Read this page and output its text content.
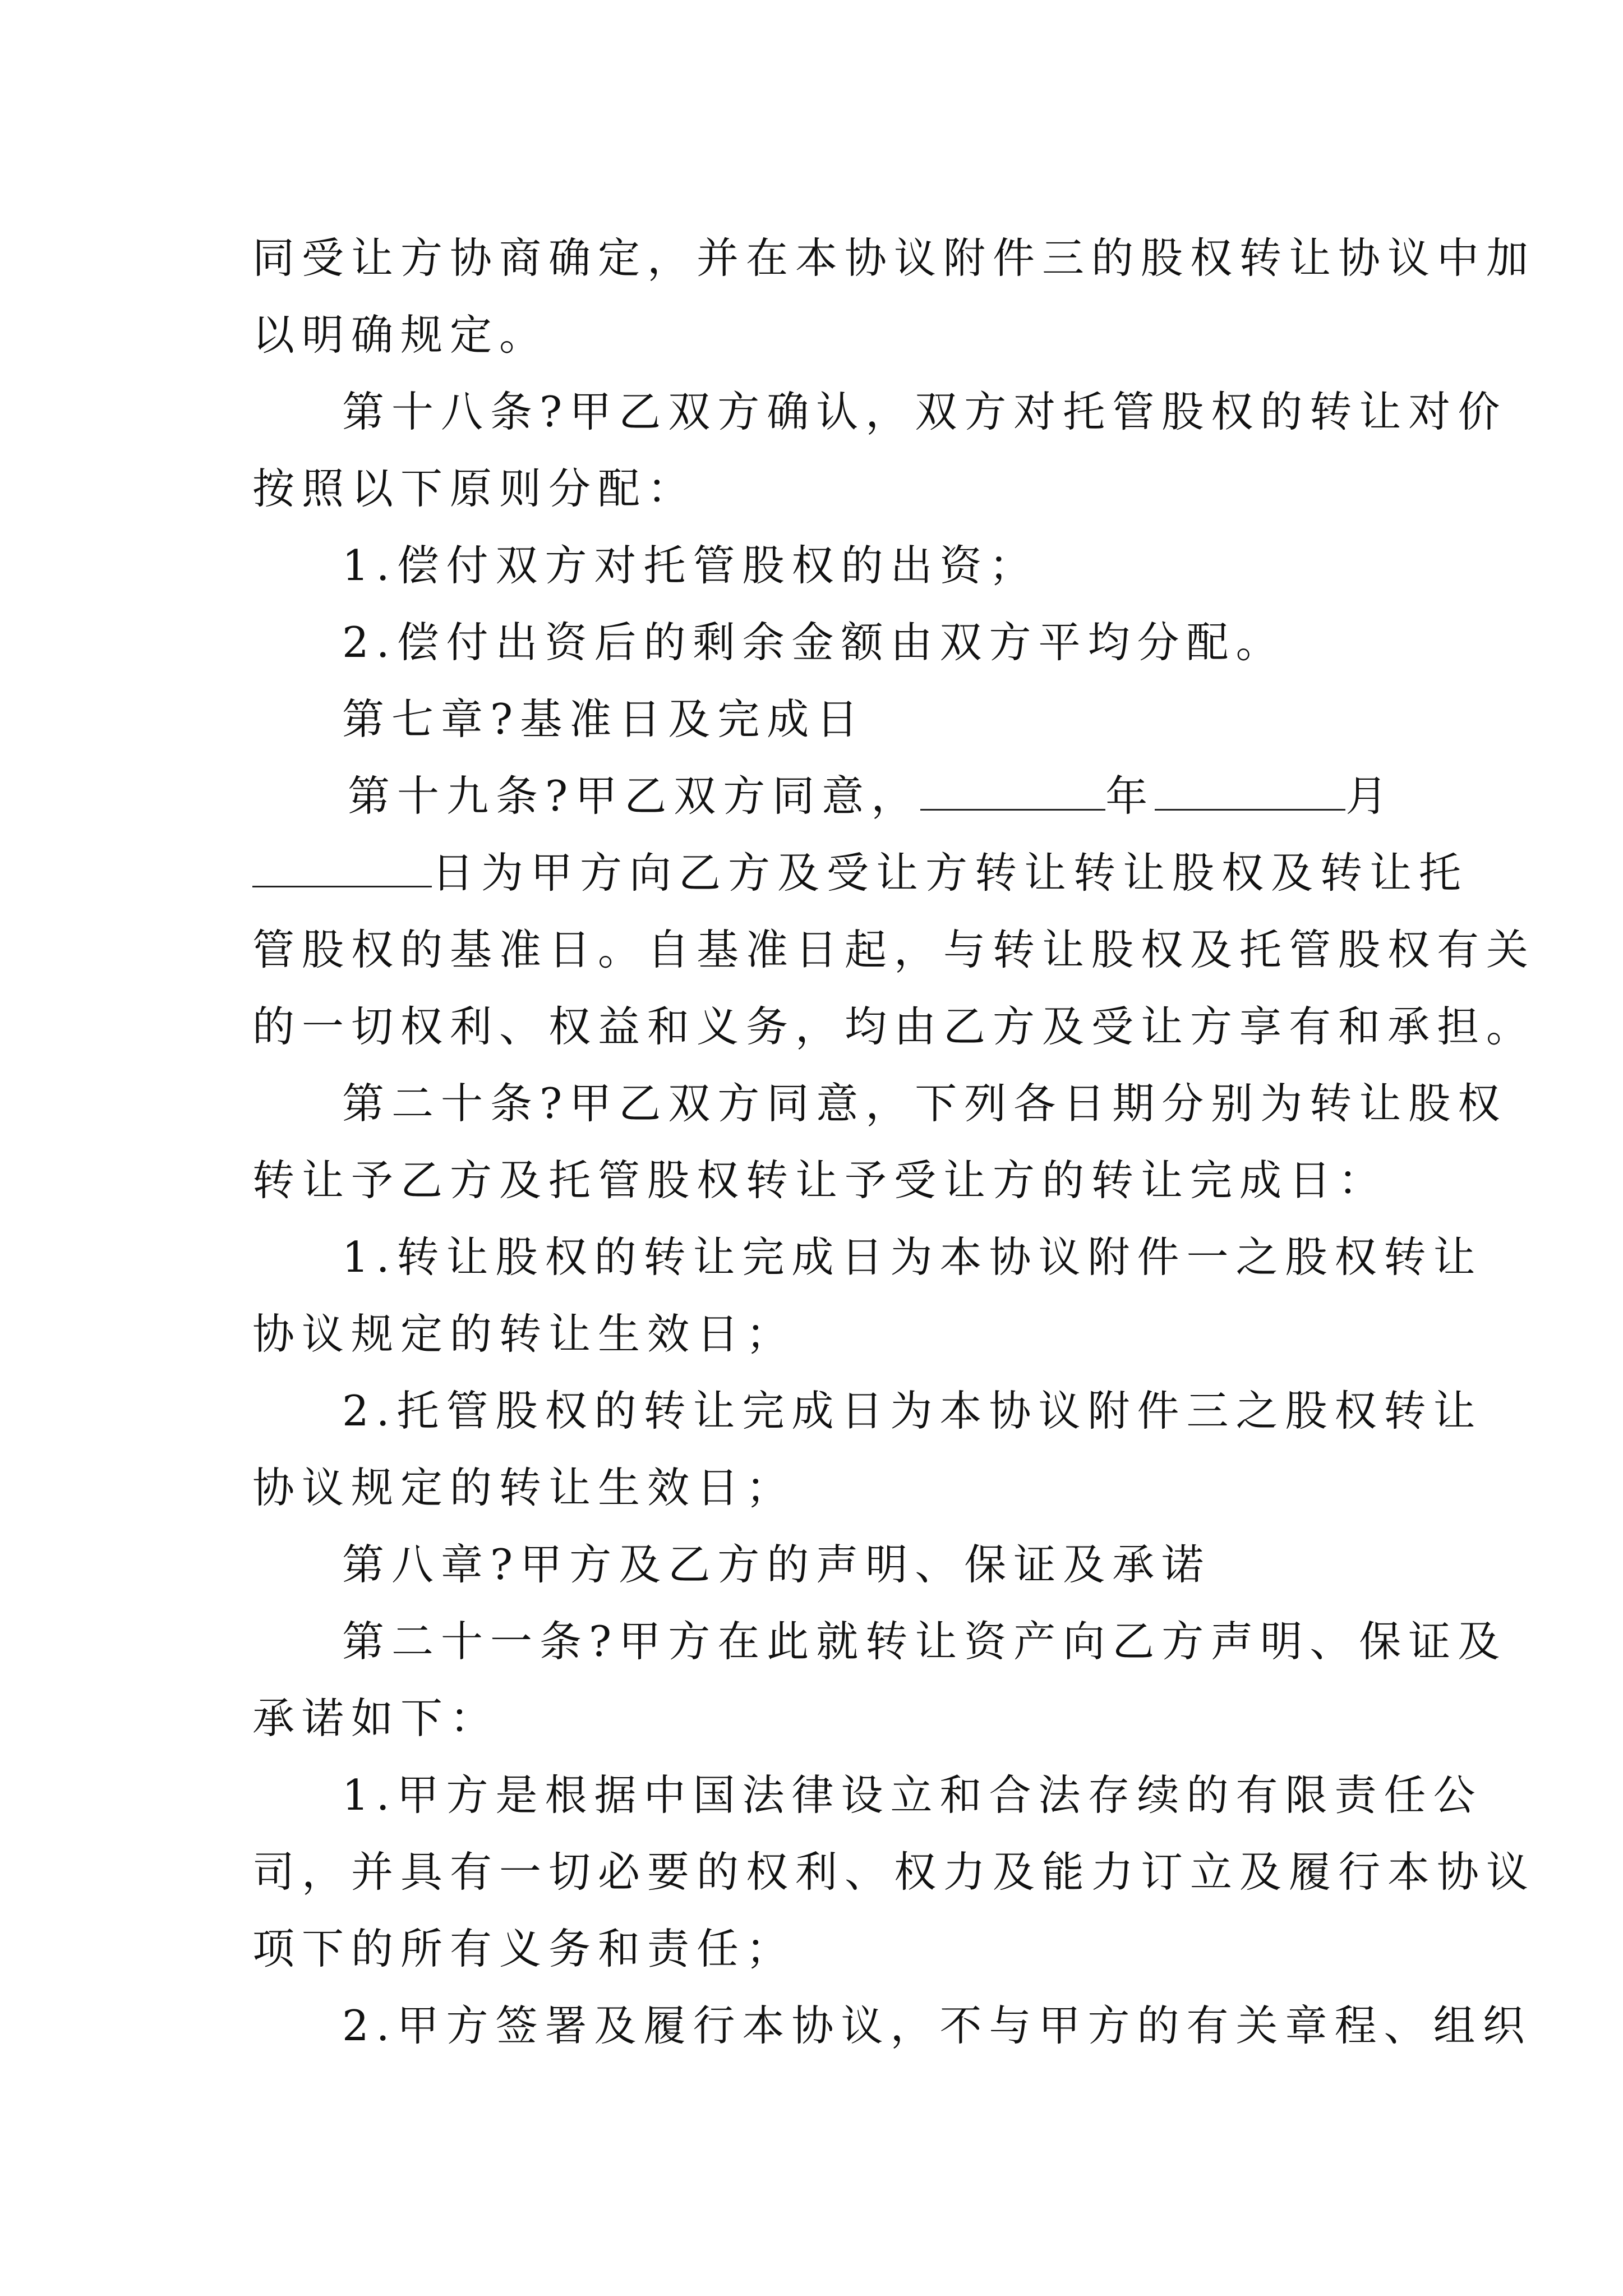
同受让方协商确定，并在本协议附件三的股权转让协议中加
以明确规定。
第十八条?甲乙双方确认，双方对托管股权的转让对价
按照以下原则分配：
1.偿付双方对托管股权的出资；
2.偿付出资后的剩余金额由双方平均分配。
第七章?基准日及完成日
第十九条?甲乙双方同意，	年	月
日为甲方向乙方及受让方转让转让股权及转让托
管股权的基准日。自基准日起，与转让股权及托管股权有关
的一切权利、权益和义务，均由乙方及受让方享有和承担。
第二十条?甲乙双方同意，下列各日期分别为转让股权
转让予乙方及托管股权转让予受让方的转让完成日：
1.转让股权的转让完成日为本协议附件一之股权转让
协议规定的转让生效日；
2.托管股权的转让完成日为本协议附件三之股权转让
协议规定的转让生效日；
第八章?甲方及乙方的声明、保证及承诺
第二十一条?甲方在此就转让资产向乙方声明、保证及
承诺如下：
1.甲方是根据中国法律设立和合法存续的有限责任公
司，并具有一切必要的权利、权力及能力订立及履行本协议
项下的所有义务和责任；
2.甲方签署及履行本协议，不与甲方的有关章程、组织
